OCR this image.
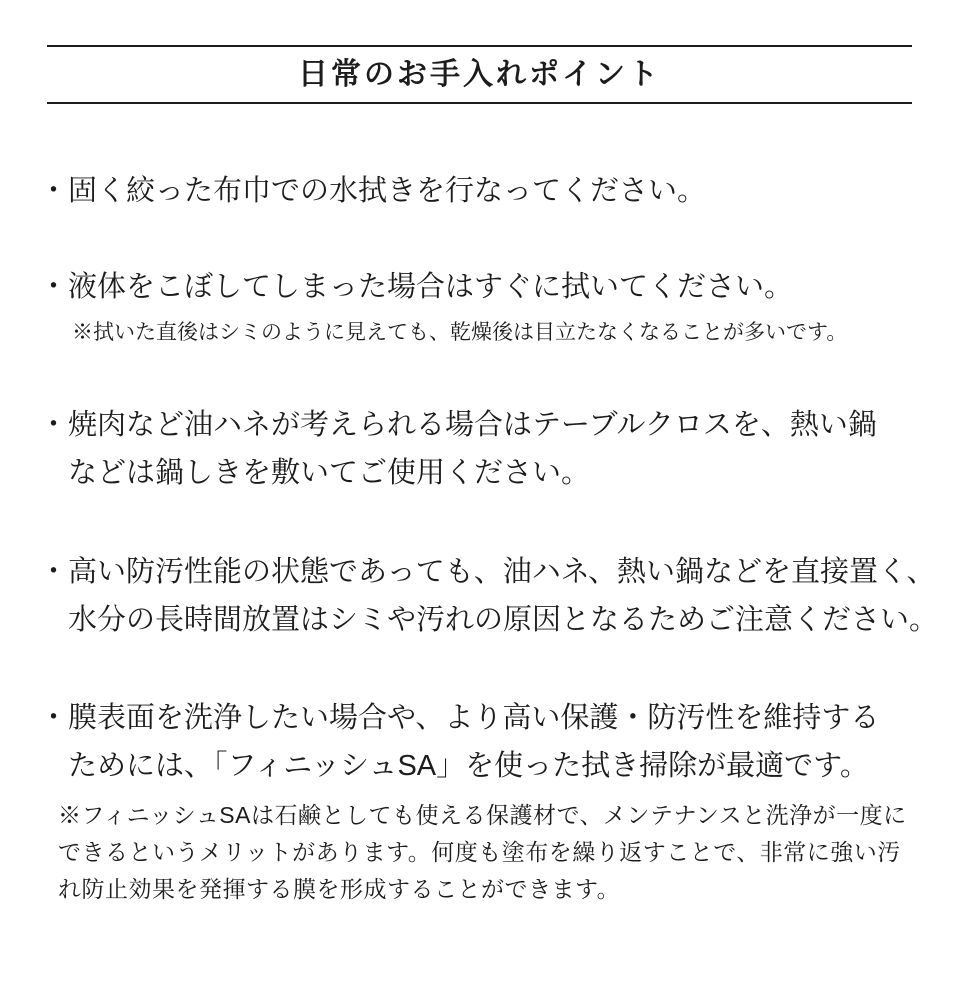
日常のお手入れポイント
・ 固く絞った布巾での水拭きを行なってください。
・ 液体をこぼしてしまった場合はすぐに拭いてください。
※拭いた直後はシミのように見えても、乾燥後は目立たなくなることが多いです。
・ 焼肉など油ハネが考えられる場合はテーブルクロスを、熱い鍋
などは鍋しきを敷いてご使用ください。
・ 高い防汚性能の状態であっても、油ハネ、熱い鍋などを直接置く、
水分の長時間放置はシミや汚れの原因となるためご注意ください。
・ 膜表面を洗浄したい場合や、より高い保護・防汚性を維持する
ためには、「フィニッシュSA」を使った拭き掃除が最適です。
※フィニッシュSAは石鹸としても使える保護材で、メンテナンスと洗浄が一度に
できるというメリットがあります。何度も塗布を繰り返すことで、非常に強い汚
れ防止効果を発揮する膜を形成することができます。
